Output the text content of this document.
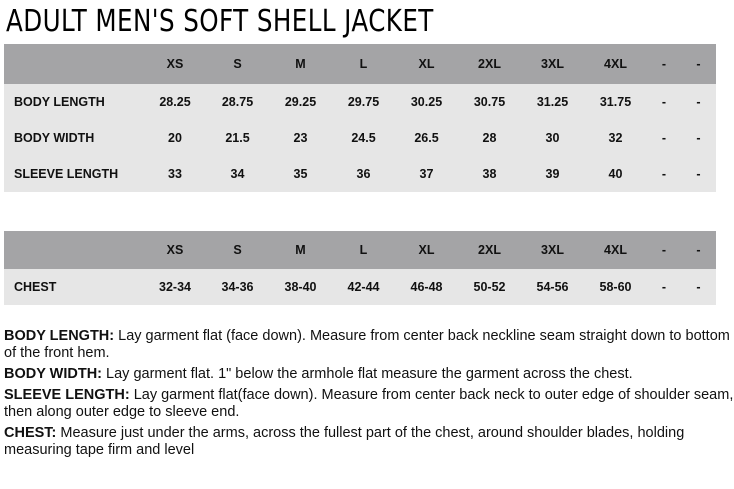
ADULT MEN'S SOFT SHELL JACKET
	XS	S	M	L	XL	2XL	3XL	4XL	-	-
BODY LENGTH	28.25	28.75	29.25	29.75	30.25	30.75	31.25	31.75	-	-
BODY WIDTH	20	21.5	23	24.5	26.5	28	30	32	-	-
SLEEVE LENGTH	33	34	35	36	37	38	39	40	-	-
	XS	S	M	L	XL	2XL	3XL	4XL	-	-
CHEST	32-34	34-36	38-40	42-44	46-48	50-52	54-56	58-60	-	-

BODY LENGTH: Lay garment flat (face down). Measure from center back neckline seam straight down to bottom of the front hem.

BODY WIDTH: Lay garment flat. 1" below the armhole flat measure the garment across the chest.

SLEEVE LENGTH: Lay garment flat(face down). Measure from center back neck to outer edge of shoulder seam, then along outer edge to sleeve end.

CHEST: Measure just under the arms, across the fullest part of the chest, around shoulder blades, holding measuring tape firm and level
